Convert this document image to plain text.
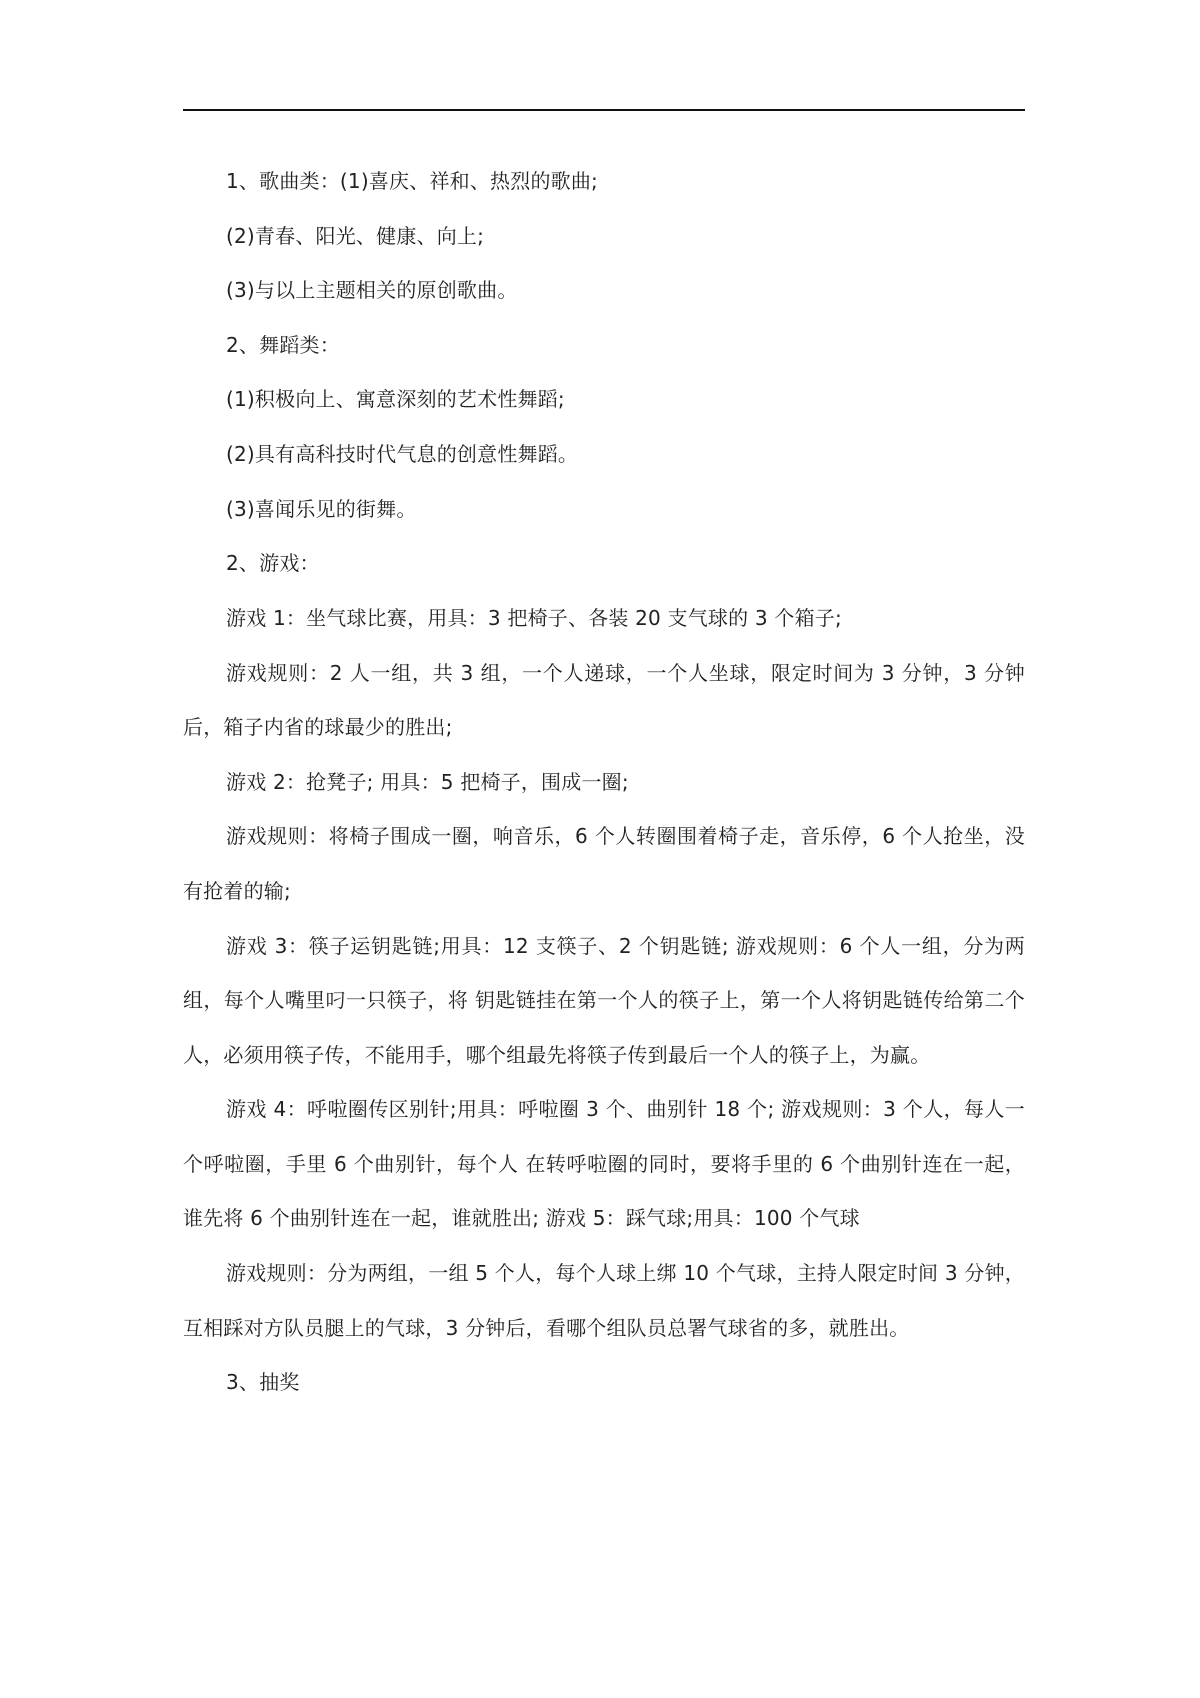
1、歌曲类：(1)喜庆、祥和、热烈的歌曲;

(2)青春、阳光、健康、向上;

(3)与以上主题相关的原创歌曲。

2、舞蹈类：

(1)积极向上、寓意深刻的艺术性舞蹈;

(2)具有高科技时代气息的创意性舞蹈。

(3)喜闻乐见的街舞。

2、游戏：

游戏 1：坐气球比赛，用具：3 把椅子、各装 20 支气球的 3 个箱子;

游戏规则：2 人一组，共 3 组，一个人递球，一个人坐球，限定时间为 3 分钟，3 分钟后，箱子内省的球最少的胜出;

游戏 2：抢凳子; 用具：5 把椅子，围成一圈;

游戏规则：将椅子围成一圈，响音乐，6 个人转圈围着椅子走，音乐停，6 个人抢坐，没有抢着的输;

游戏 3：筷子运钥匙链;用具：12 支筷子、2 个钥匙链; 游戏规则：6 个人一组，分为两组，每个人嘴里叼一只筷子，将 钥匙链挂在第一个人的筷子上，第一个人将钥匙链传给第二个人，必须用筷子传，不能用手，哪个组最先将筷子传到最后一个人的筷子上，为赢。

游戏 4：呼啦圈传区别针;用具：呼啦圈 3 个、曲别针 18 个; 游戏规则：3 个人，每人一个呼啦圈，手里 6 个曲别针，每个人 在转呼啦圈的同时，要将手里的 6 个曲别针连在一起，谁先将 6 个曲别针连在一起，谁就胜出; 游戏 5：踩气球;用具：100 个气球

游戏规则：分为两组，一组 5 个人，每个人球上绑 10 个气球，主持人限定时间 3 分钟，互相踩对方队员腿上的气球，3 分钟后，看哪个组队员总署气球省的多，就胜出。

3、抽奖
